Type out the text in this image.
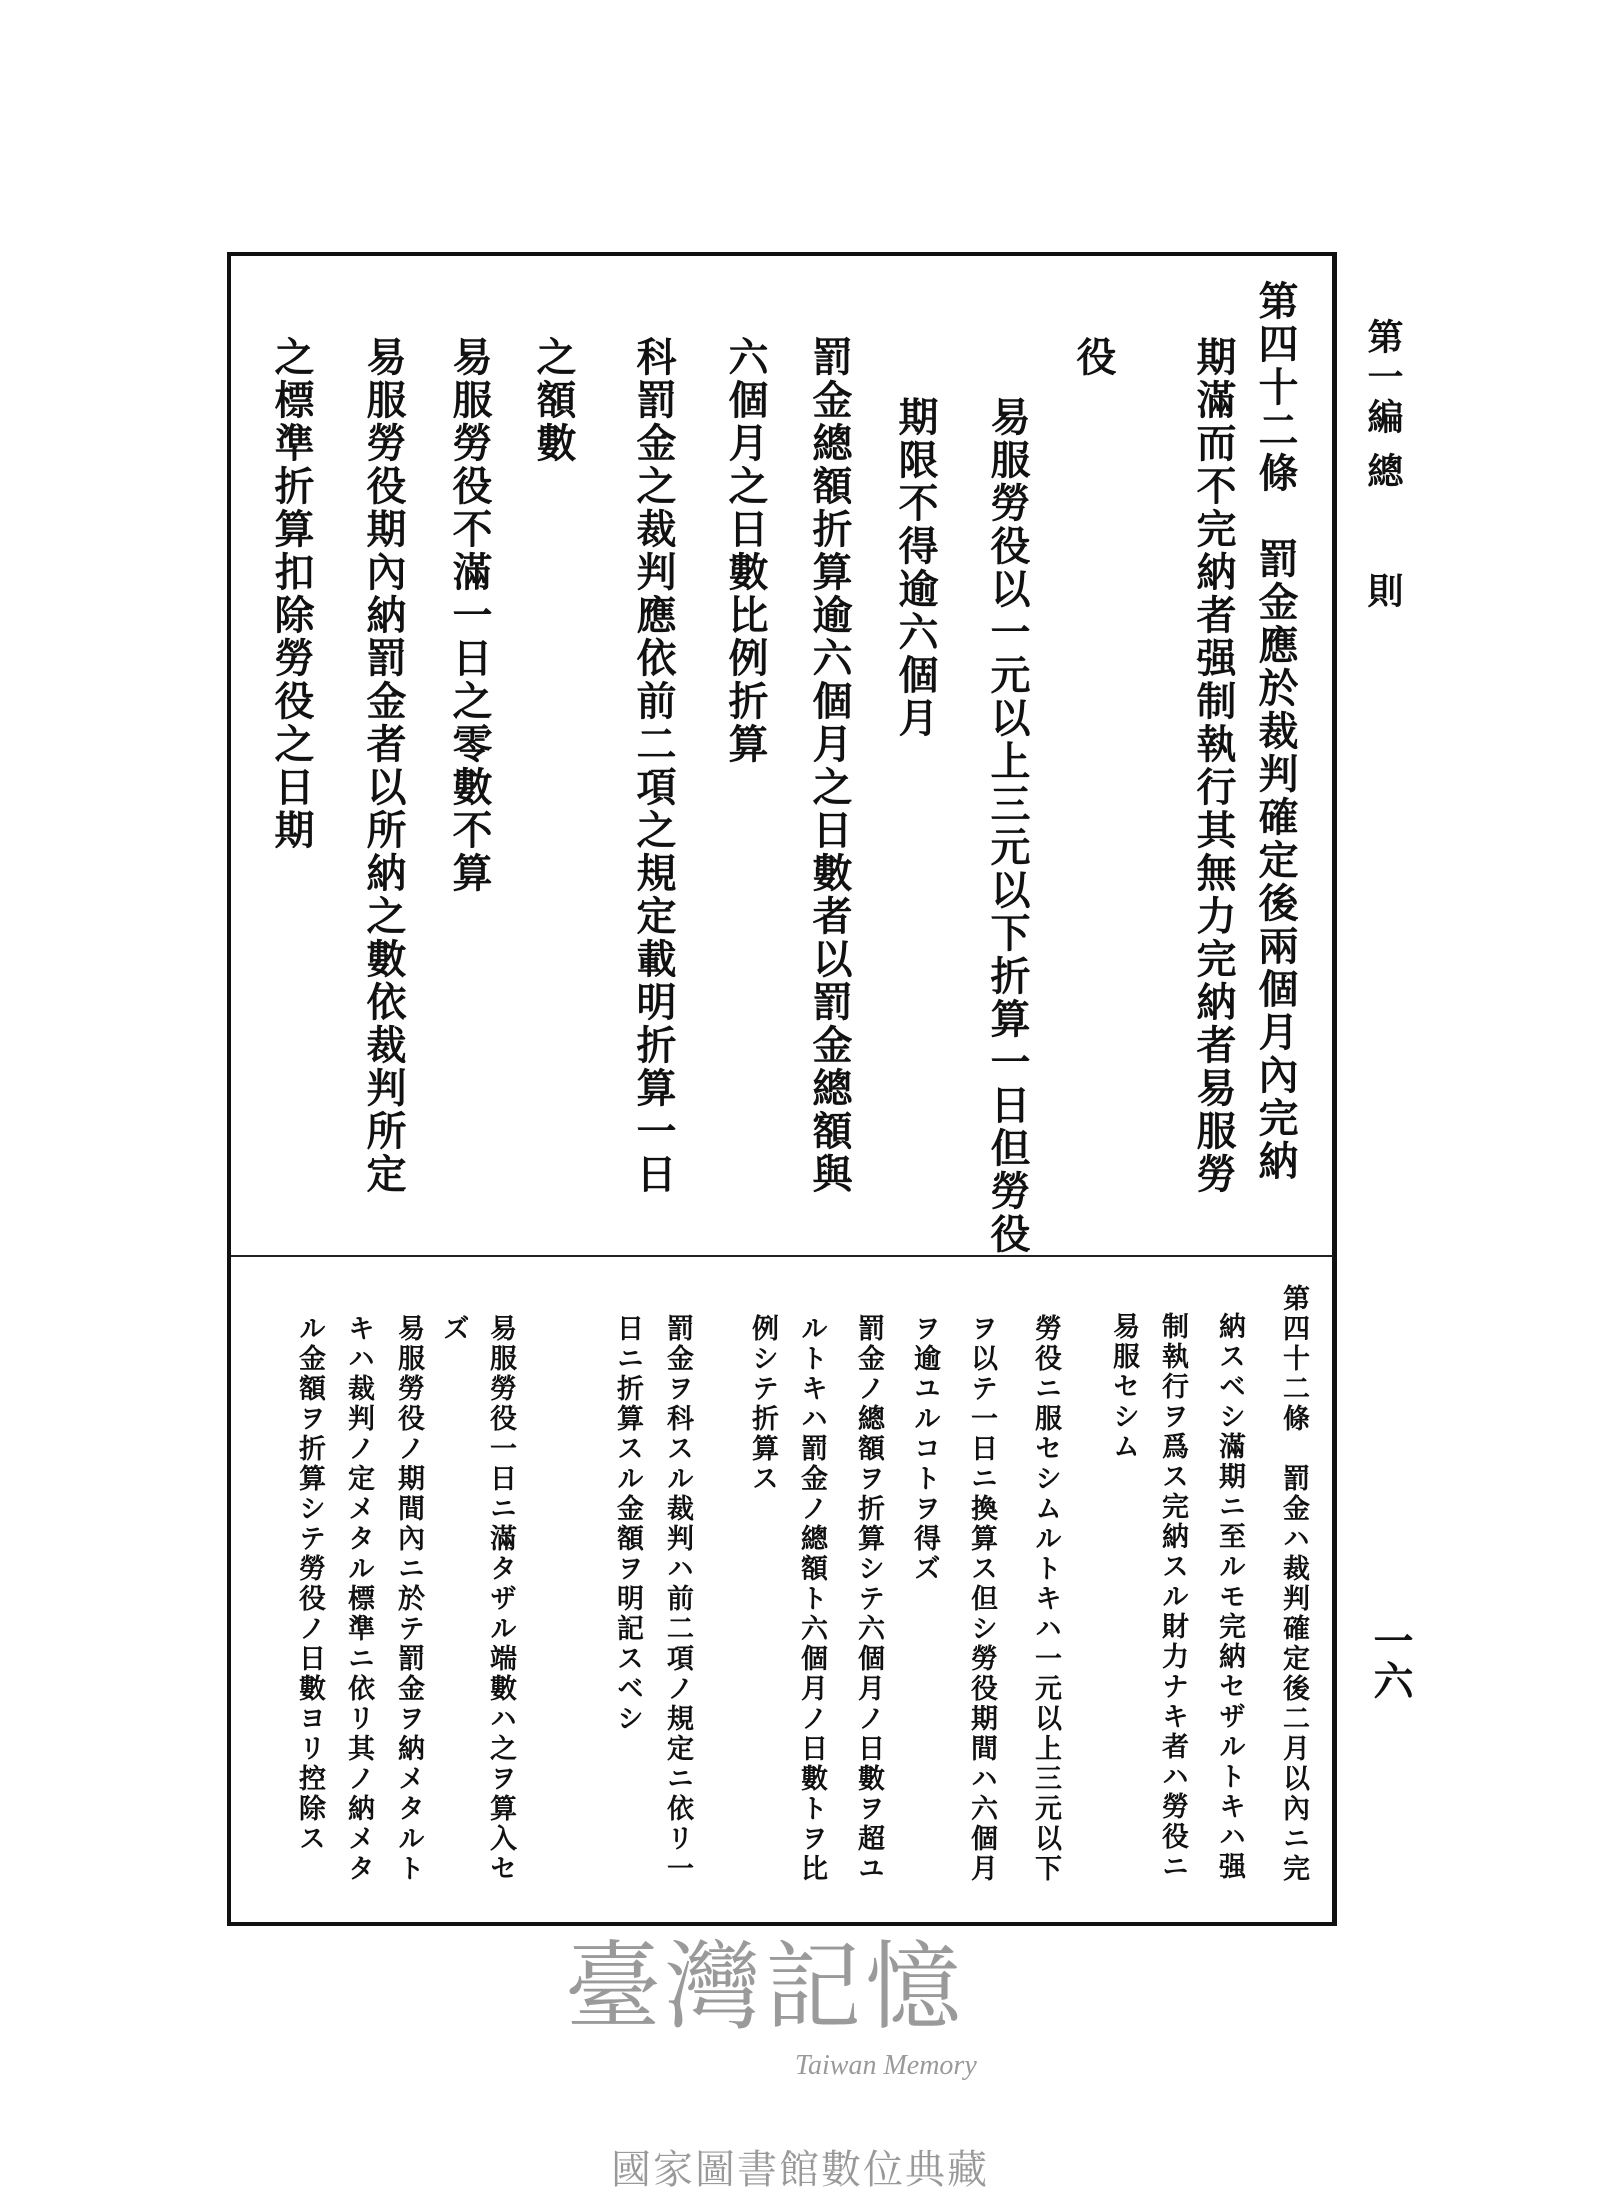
第一編總則
第四十二條　罰金應於裁判確定後兩個月內完納
期滿而不完納者强制執行其無力完納者易服勞
役
易服勞役以一元以上三元以下折算一日但勞役
期限不得逾六個月
罰金總額折算逾六個月之日數者以罰金總額與
六個月之日數比例折算
科罰金之裁判應依前二項之規定載明折算一日
之額數
易服勞役不滿一日之零數不算
易服勞役期內納罰金者以所納之數依裁判所定
之標準折算扣除勞役之日期
第四十二條　罰金ハ裁判確定後二月以內ニ完
納スベシ滿期ニ至ルモ完納セザルトキハ强
制執行ヲ爲ス完納スル財力ナキ者ハ勞役ニ
易服セシム
勞役ニ服セシムルトキハ一元以上三元以下
ヲ以テ一日ニ換算ス但シ勞役期間ハ六個月
ヲ逾ユルコトヲ得ズ
罰金ノ總額ヲ折算シテ六個月ノ日數ヲ超ユ
ルトキハ罰金ノ總額ト六個月ノ日數トヲ比
例シテ折算ス
罰金ヲ科スル裁判ハ前二項ノ規定ニ依リ一
日ニ折算スル金額ヲ明記スベシ
易服勞役一日ニ滿タザル端數ハ之ヲ算入セ
ズ
易服勞役ノ期間內ニ於テ罰金ヲ納メタルト
キハ裁判ノ定メタル標準ニ依リ其ノ納メタ
ル金額ヲ折算シテ勞役ノ日數ヨリ控除ス	一六
臺灣記憶
Taiwan Memory
國家圖書館數位典藏
